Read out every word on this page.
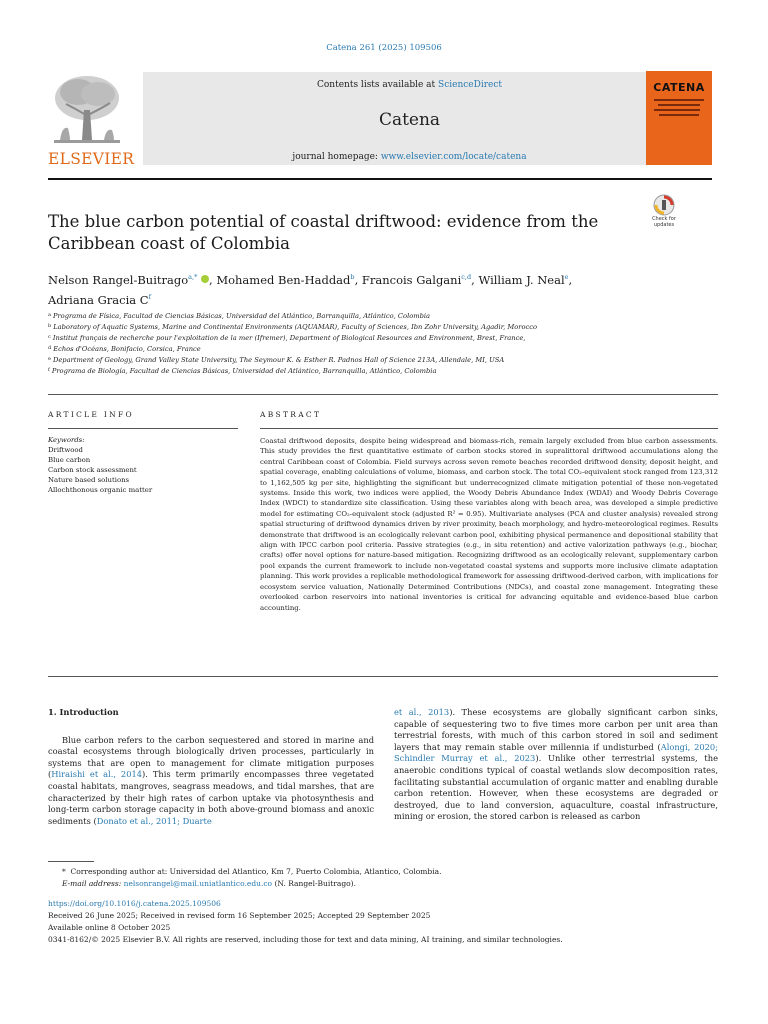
Catena 261 (2025) 109506
ELSEVIER
Contents lists available at ScienceDirect
Catena
journal homepage: www.elsevier.com/locate/catena
CATENA
The blue carbon potential of coastal driftwood: evidence from the Caribbean coast of Colombia
Check for
updates
Nelson Rangel-Buitrago$^{a,*}$ , Mohamed Ben-Haddad$^b$, Francois Galgani$^{c,d}$, William J. Neal$^e$,
Adriana Gracia $C^f$
$^a$ Programa de Física, Facultad de Ciencias Básicas, Universidad del Atlántico, Barranquilla, Atlántico, Colombia
$^b$ Laboratory of Aquatic Systems, Marine and Continental Environments (AQUAMAR), Faculty of Sciences, Ibn Zohr University, Agadir, Morocco
$^c$ Institut français de recherche pour l'exploitation de la mer (Ifremer), Department of Biological Resources and Environment, Brest, France,
$^d$ Echos d'Océans, Bonifacio, Corsica, France
$^e$ Department of Geology, Grand Valley State University, The Seymour K. & Esther R. Padnos Hall of Science 213A, Allendale, MI, USA
$^f$ Programa de Biología, Facultad de Ciencias Básicas, Universidad del Atlántico, Barranquilla, Atlántico, Colombia
ARTICLE INFO	ABSTRACT
Keywords:
Driftwood
Blue carbon
Carbon stock assessment
Nature based solutions
Allochthonous organic matter
Coastal driftwood deposits, despite being widespread and biomass-rich, remain largely excluded from blue carbon assessments. This study provides the first quantitative estimate of carbon stocks stored in supralittoral driftwood accumulations along the central Caribbean coast of Colombia. Field surveys across seven remote beaches recorded driftwood density, deposit height, and spatial coverage, enabling calculations of volume, biomass, and carbon stock. The total CO₂-equivalent stock ranged from 123,312 to 1,162,505 kg per site, highlighting the significant but underrecognized climate mitigation potential of these non-vegetated systems. Inside this work, two indices were applied, the Woody Debris Abundance Index (WDAI) and Woody Debris Coverage Index (WDCI) to standardize site classification. Using these variables along with beach area, was developed a simple predictive model for estimating CO₂-equivalent stock (adjusted R² = 0.95). Multivariate analyses (PCA and cluster analysis) revealed strong spatial structuring of driftwood dynamics driven by river proximity, beach morphology, and hydro-meteorological regimes. Results demonstrate that driftwood is an ecologically relevant carbon pool, exhibiting physical permanence and depositional stability that align with IPCC carbon pool criteria. Passive strategies (e.g., in situ retention) and active valorization pathways (e.g., biochar, crafts) offer novel options for nature-based mitigation. Recognizing driftwood as an ecologically relevant, supplementary carbon pool expands the current framework to include non-vegetated coastal systems and supports more inclusive climate adaptation planning. This work provides a replicable methodological framework for assessing driftwood-derived carbon, with implications for ecosystem service valuation, Nationally Determined Contributions (NDCs), and coastal zone management. Integrating these overlooked carbon reservoirs into national inventories is critical for advancing equitable and evidence-based blue carbon accounting.
1. Introduction
Blue carbon refers to the carbon sequestered and stored in marine and coastal ecosystems through biologically driven processes, particularly in systems that are open to management for climate mitigation purposes (Hiraishi et al., 2014). This term primarily encompasses three vegetated coastal habitats, mangroves, seagrass meadows, and tidal marshes, that are characterized by their high rates of carbon uptake via photosynthesis and long-term carbon storage capacity in both above-ground biomass and anoxic sediments (Donato et al., 2011; Duarte
et al., 2013). These ecosystems are globally significant carbon sinks, capable of sequestering two to five times more carbon per unit area than terrestrial forests, with much of this carbon stored in soil and sediment layers that may remain stable over millennia if undisturbed (Alongi, 2020; Schindler Murray et al., 2023). Unlike other terrestrial systems, the anaerobic conditions typical of coastal wetlands slow decomposition rates, facilitating substantial accumulation of organic matter and enabling durable carbon retention. However, when these ecosystems are degraded or destroyed, due to land conversion, aquaculture, coastal infrastructure, mining or erosion, the stored carbon is released as carbon
*  Corresponding author at: Universidad del Atlantico, Km 7, Puerto Colombia, Atlantico, Colombia.
E-mail address: nelsonrangel@mail.uniatlantico.edu.co (N. Rangel-Buitrago).
https://doi.org/10.1016/j.catena.2025.109506
Received 26 June 2025; Received in revised form 16 September 2025; Accepted 29 September 2025
Available online 8 October 2025
0341-8162/© 2025 Elsevier B.V. All rights are reserved, including those for text and data mining, AI training, and similar technologies.
